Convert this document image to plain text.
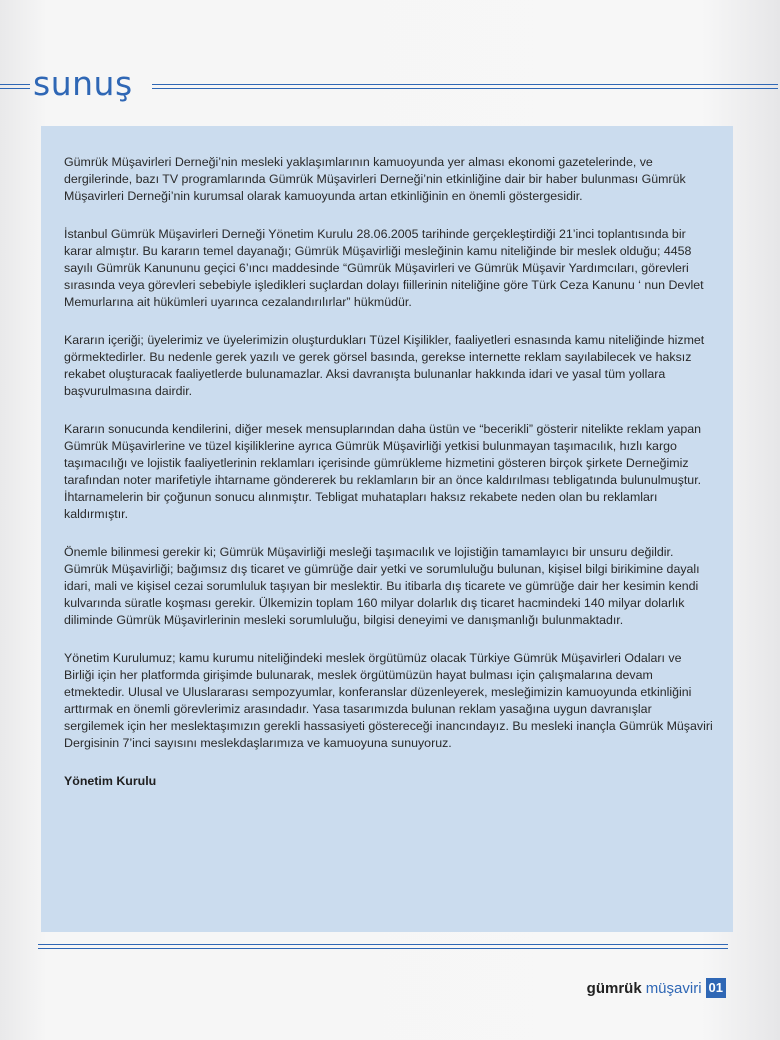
sunuş

Gümrük Müşavirleri Derneği’nin mesleki yaklaşımlarının kamuoyunda yer alması ekonomi gazetelerinde, ve dergilerinde, bazı TV programlarında Gümrük Müşavirleri Derneği’nin etkinliğine dair bir haber bulunması Gümrük Müşavirleri Derneği’nin kurumsal olarak kamuoyunda artan etkinliğinin en önemli göstergesidir.

İstanbul Gümrük Müşavirleri Derneği Yönetim Kurulu 28.06.2005 tarihinde gerçekleştirdiği 21’inci toplantısında bir karar almıştır. Bu kararın temel dayanağı; Gümrük Müşavirliği mesleğinin kamu niteliğinde bir meslek olduğu; 4458 sayılı Gümrük Kanununu geçici 6’ıncı maddesinde “Gümrük Müşavirleri ve Gümrük Müşavir Yardımcıları, görevleri sırasında veya görevleri sebebiyle işledikleri suçlardan dolayı fiillerinin niteliğine göre Türk Ceza Kanunu ‘ nun Devlet Memurlarına ait hükümleri uyarınca cezalandırılırlar” hükmüdür.

Kararın içeriği; üyelerimiz ve üyelerimizin oluşturdukları Tüzel Kişilikler, faaliyetleri esnasında kamu niteliğinde hizmet görmektedirler. Bu nedenle gerek yazılı ve gerek görsel basında, gerekse internette reklam sayılabilecek ve haksız rekabet oluşturacak faaliyetlerde bulunamazlar. Aksi davranışta bulunanlar hakkında idari ve yasal tüm yollara başvurulmasına dairdir.

Kararın sonucunda kendilerini, diğer mesek mensuplarından daha üstün ve “becerikli” gösterir nitelikte reklam yapan Gümrük Müşavirlerine ve tüzel kişiliklerine ayrıca Gümrük Müşavirliği yetkisi bulunmayan taşımacılık, hızlı kargo taşımacılığı ve lojistik faaliyetlerinin reklamları içerisinde gümrükleme hizmetini gösteren birçok şirkete Derneğimiz tarafından noter marifetiyle ihtarname göndererek bu reklamların bir an önce kaldırılması tebligatında bulunulmuştur. İhtarnamelerin bir çoğunun sonucu alınmıştır. Tebligat muhatapları haksız rekabete neden olan bu reklamları kaldırmıştır.

Önemle bilinmesi gerekir ki; Gümrük Müşavirliği mesleği taşımacılık ve lojistiğin tamamlayıcı bir unsuru değildir. Gümrük Müşavirliği; bağımsız dış ticaret ve gümrüğe dair yetki ve sorumluluğu bulunan, kişisel bilgi birikimine dayalı idari, mali ve kişisel cezai sorumluluk taşıyan bir meslektir. Bu itibarla dış ticarete ve gümrüğe dair her kesimin kendi kulvarında süratle koşması gerekir. Ülkemizin toplam 160 milyar dolarlık dış ticaret hacmindeki 140 milyar dolarlık diliminde Gümrük Müşavirlerinin mesleki sorumluluğu, bilgisi deneyimi ve danışmanlığı bulunmaktadır.

Yönetim Kurulumuz; kamu kurumu niteliğindeki meslek örgütümüz olacak Türkiye Gümrük Müşavirleri Odaları ve Birliği için her platformda girişimde bulunarak, meslek örgütümüzün hayat bulması için çalışmalarına devam etmektedir. Ulusal ve Uluslararası sempozyumlar, konferanslar düzenleyerek, mesleğimizin kamuoyunda etkinliğini arttırmak en önemli görevlerimiz arasındadır. Yasa tasarımızda bulunan reklam yasağına uygun davranışlar sergilemek için her meslektaşımızın gerekli hassasiyeti göstereceği inancındayız. Bu mesleki inançla Gümrük Müşaviri Dergisinin 7’inci sayısını meslekdaşlarımıza ve kamuoyuna sunuyoruz.

Yönetim Kurulu
gümrük müşaviri 01
